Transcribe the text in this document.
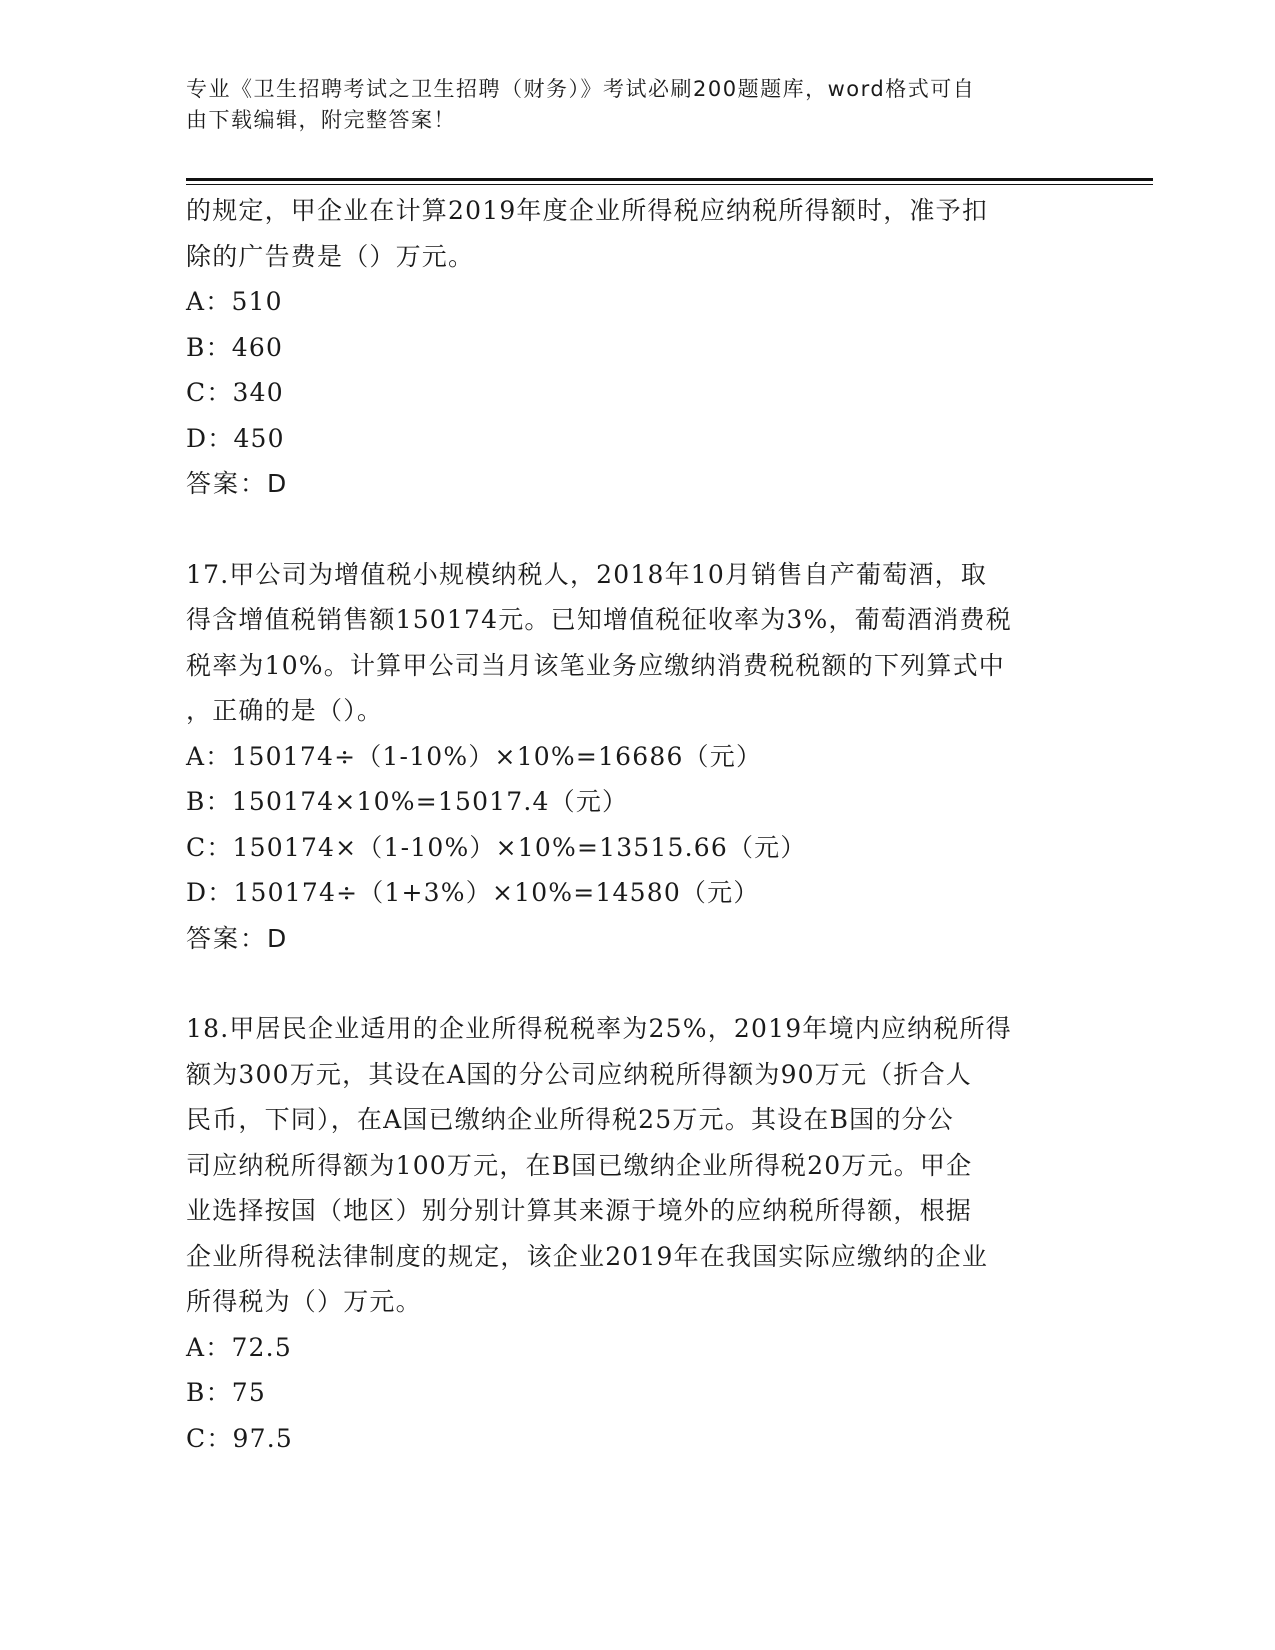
专业《卫生招聘考试之卫生招聘（财务）》考试必刷200题题库，word格式可自
由下载编辑，附完整答案！
的规定，甲企业在计算2019年度企业所得税应纳税所得额时，准予扣
除的广告费是（）万元。
A：510
B：460
C：340
D：450
答案：D
17.甲公司为增值税小规模纳税人，2018年10月销售自产葡萄酒，取
得含增值税销售额150174元。已知增值税征收率为3%，葡萄酒消费税
税率为10%。计算甲公司当月该笔业务应缴纳消费税税额的下列算式中
，正确的是（）。
A：150174÷（1-10%）×10%=16686（元）
B：150174×10%=15017.4（元）
C：150174×（1-10%）×10%=13515.66（元）
D：150174÷（1+3%）×10%=14580（元）
答案：D
18.甲居民企业适用的企业所得税税率为25%，2019年境内应纳税所得
额为300万元，其设在A国的分公司应纳税所得额为90万元（折合人
民币，下同），在A国已缴纳企业所得税25万元。其设在B国的分公
司应纳税所得额为100万元，在B国已缴纳企业所得税20万元。甲企
业选择按国（地区）别分别计算其来源于境外的应纳税所得额，根据
企业所得税法律制度的规定，该企业2019年在我国实际应缴纳的企业
所得税为（）万元。
A：72.5
B：75
C：97.5
